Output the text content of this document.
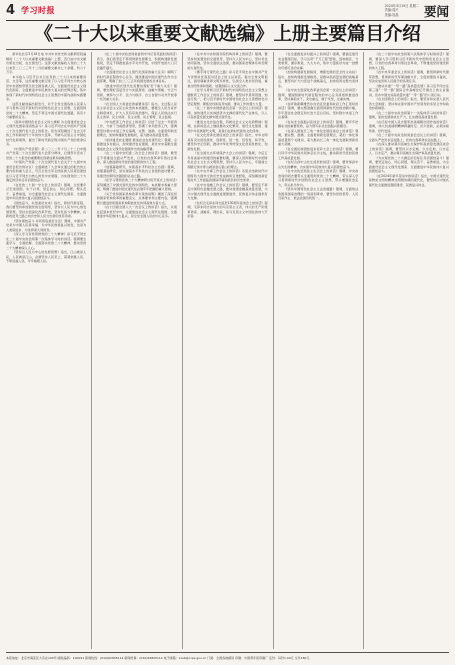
4 学习时报	2024年3月19日 星期二
责编:周兴
美编:庞晶	要闻
《二十大以来重要文献选编》上册主要篇目介绍

新华社北京3月18日电 中共中央党史和文献研究院编辑的《二十大以来重要文献选编》上册，近日由中央文献出版社出版，在全国发行。这部文献选编收入党的二十大以来至二〇二三年十二月的重要文献共七十余篇，约六十万字。

本书收入习近平总书记在党的二十大以来的重要讲话、文章等，这些重要文献记录了以习近平同志为核心的党中央团结带领全党全国各族人民，全面建设社会主义现代化国家、全面推进中华民族伟大复兴的光辉历程，集中体现了新时代中国特色社会主义思想的丰富内涵和实践要求。

这部文献选编出版发行，对于全党全国各族人民深入学习贯彻习近平新时代中国特色社会主义思想，全面贯彻党的二十大精神，坚定不移走中国式现代化道路，具有十分重要的意义。

《高举中国特色社会主义伟大旗帜 为全面建设社会主义现代化国家而团结奋斗》是习近平同志在中国共产党第二十次全国代表大会上的报告。报告深刻阐述了过去五年的工作和新时代十年的伟大变革，开辟马克思主义中国化时代化新境界，提出了新时代新征程中国共产党的使命任务。

《中国共产党章程》是二〇二二年十月二十二日中国共产党第二十次全国代表大会部分修改，总纲部分充实了党的二十大报告的重要理论创新成果和战略思想。

《中国共产党第二十次全国代表大会关于十九届中央委员会报告的决议》全面阐述了大会审议通过的报告的主要内容和重大意义，号召全党全军全国各族人民紧密团结在以习近平同志为核心的党中央周围，为实现党的二十大确定的目标任务而团结奋斗。

《在党的二十届一中全会上的讲话》强调，全党要牢记空谈误国、实干兴邦，坚定信心、同心同德，埋头苦干、奋勇前进，为全面建设社会主义现代化国家、全面推进中华民族伟大复兴而团结奋斗。

《团结奋斗，共创美好未来》指出，新时代新征程，我们要坚持和加强党的全面领导，坚持以人民为中心的发展思想，坚持全面深化改革开放，坚持发扬斗争精神，在新的赶考之路上向历史和人民交出新的优异答卷。

《坚持团结奋斗 共同创造美好生活》强调，中国共产党是为中国人民谋幸福、为中华民族谋复兴的党，也是为人类谋进步、为世界谋大同的党。

《深入学习宣传贯彻党的二十大精神》是习近平同志在二十届中央政治局第一次集体学习时的讲话。强调要全面学习、全面把握、全面落实党的二十大精神，推动党的二十大精神深入人心。

《坚持以人民为中心的发展思想》指出，江山就是人民，人民就是江山，必须坚持人民至上，紧紧依靠人民，不断造福人民，牢牢植根人民。

《在二十届中央政治局常委同中外记者见面时的讲话》表示，我们将坚定不移贯彻新发展理念，积极构建新发展格局，坚定不移推进高水平对外开放，中国开放的大门只会越开越大。

《全面建设社会主义现代化国家的重大任务》阐明了新时代新征程的中心任务，围绕推进中国式现代化作出全面部署，明确了到二〇三五年我国发展的总体目标。

《推进中国式现代化需要处理好若干重大关系》强调，要处理好顶层设计与实践探索、战略与策略、守正与创新、效率与公平、活力与秩序、自立自强与对外开放等一系列重大关系。

《在全国人大常委会的重要讲话》指出，全过程人民民主是社会主义民主政治的本质属性，要健全人民当家作主制度体系，扩大人民有序政治参与，保证人民依法实行民主选举、民主协商、民主决策、民主管理、民主监督。

《中央经济工作会议上的讲话》总结了过去一年经济工作，分析了当前经济形势，部署了来年经济工作，强调要坚持稳中求进工作总基调，完整、准确、全面贯彻新发展理念，加快构建新发展格局，着力推动高质量发展。

《加快建设农业强国 推进农业农村现代化》强调，全面推进乡村振兴，加快建设农业强国，是党中央着眼全面建成社会主义现代化强国作出的战略部署。

《在二十届中央纪委二次全会上的讲话》强调，要坚定不移推进全面从严治党，以党的自我革命引领社会革命，深入推进新时代党的建设新的伟大工程。

《加强基础研究，实现高水平科技自立自强》强调，加强基础研究，是实现高水平科技自立自强的迫切要求，是建设世界科技强国的必由之路。

《在学习贯彻党的二十大精神研讨班开班式上的讲话》深刻阐述了中国式现代化的中国特色、本质要求和重大原则，明确了推进中国式现代化必须牢牢把握的重大原则。

《关于党和国家机构改革方案的说明》阐述了深化党和国家机构改革的重要意义、总体要求和主要内容，强调要以推进党和国家机构职能优化协同高效为着力点。

《在十四届全国人大一次会议上的讲话》指出，从现在起到本世纪中叶，全面建成社会主义现代化强国、全面推进中华民族伟大复兴，是全党全国人民的中心任务。

《在中共中央和国务院机构改革上的讲话》强调，要坚持和加强党的全面领导，坚持以人民为中心，坚持优化协同高效，坚持全面依法治国，推动国家治理体系和治理能力现代化。

《携手同行现代化之路》是习近平同志在中国共产党与世界政党高层对话会上的主旨讲话。提出全球文明倡议，倡导尊重世界文明多样性，弘扬全人类共同价值，重视文明传承和创新，加强国际人文交流合作。

《在学习贯彻习近平新时代中国特色社会主义思想主题教育工作会议上的讲话》强调，要坚持学思用贯通、知信行统一，把习近平新时代中国特色社会主义思想转化为坚定理想、锤炼党性和指导实践、推动工作的强大力量。

《在二十届中央财经委员会第一次会议上的讲话》强调，加快建设以实体经济为支撑的现代化产业体系，以人口高质量发展支撑中国式现代化。

《推进文化自信自强，铸就社会主义文化新辉煌》强调，在新的起点上继续推动文化繁荣、建设文化强国、建设中华民族现代文明，是我们在新时代新的文化使命。

《在文化传承发展座谈会上的讲话》指出，中华文明具有突出的连续性、创新性、统一性、包容性、和平性，要坚持守正创新，推动中华优秀传统文化创造性转化、创新性发展。

《在全国生态环境保护大会上的讲话》强调，今后五年是美丽中国建设的重要时期，要深入贯彻新时代中国特色社会主义生态文明思想，坚持以人民为中心，牢固树立和践行绿水青山就是金山银山的理念。

《在中央外事工作会议上的讲话》系统总结新时代中国特色大国外交的历史性成就和宝贵经验，深刻阐述新征程对外工作面临的国际环境和肩负的历史使命。

《在中央金融工作会议上的讲话》强调，要坚定不移走中国特色金融发展之路，推动我国金融高质量发展，为以中国式现代化全面推进强国建设、民族复兴伟业提供有力支撑。

《在纪念毛泽东同志诞辰130周年座谈会上的讲话》强调，毛泽东同志是伟大的马克思主义者，伟大的无产阶级革命家、战略家、理论家，是马克思主义中国化的伟大开拓者。

《在全面推进乡村振兴上的讲话》强调，要锚定建设农业强国目标，学习运用“千万工程”经验，因地制宜、分类施策，循序渐进、久久为功，集中力量抓好办成一批群众可感可及的实事。

《加快构建新发展格局，增强发展的安全性主动权》指出，加快构建新发展格局，是推动高质量发展的战略基点，要坚持扩大内需这个战略基点，加快培育完整内需体系。

《在中央全面深化改革委员会第一次会议上的讲话》强调，要围绕新时代新征程党的中心任务谋划和推进改革，坚持真抓实干，突出重点，敢于攻坚，注重实效。

《在听取新疆维吾尔自治区党委和政府工作汇报时的讲话》强调，要完整准确全面贯彻新时代党的治疆方略，牢牢扭住社会稳定和长治久安总目标，坚持稳中求进工作总基调。

《在东北全面振兴座谈会上的讲话》强调，要牢牢把握东北的重要使命，奋力谱写东北全面振兴新篇章。

《在深入推进长三角一体化发展座谈会上的讲话》强调，要完整、准确、全面贯彻新发展理念，紧扣一体化和高质量两个关键词，着力推动长三角一体化发展取得新的重大突破。

《在全国民族团结进步表彰大会上的讲话》强调，要以铸牢中华民族共同体意识为主线，推动新时代党的民族工作高质量发展。

《在纪念孙中山先生诞辰的讲话》强调，要传承孙中山先生的精神，为实现中华民族伟大复兴而团结奋斗。

《在中央政治局民主生活会上的讲话》强调，中央政治局的同志要带头全面贯彻党的二十大精神，带头深入学习贯彻新时代中国特色社会主义思想，带头增强政治定力，带头担当作为。

《坚持中国特色社会主义法治道路》强调，全面依法治国是国家治理的一场深刻革命，要坚持党的领导、人民当家作主、依法治国有机统一。

《在二十届中央政治局第六次集体学习时的讲话》强调，要深入学习贯彻习近平新时代中国特色社会主义思想，以党的自我革命引领社会革命，不断推进党的建设新的伟大工程。

《在中央军委会议上的讲话》强调，要贯彻新时代强军思想，贯彻新时代军事战略方针，全面加强练兵备战，坚决完成党和人民赋予的各项任务。

《推动共建“一带一路”高质量发展》是习近平同志在第三届“一带一路”国际合作高峰论坛开幕式上的主旨演讲，宣布中国支持高质量共建“一带一路”的八项行动。

《在全国两会上的讲话》指出，要坚持和完善人民代表大会制度，坚持和完善中国共产党领导的多党合作和政治协商制度。

《在二十届中央政治局第十一次集体学习时的讲话》强调，加快发展新质生产力，扎实推进高质量发展。

《在庆祝中国人民志愿军抗美援朝出国作战的讲话》强调，伟大抗美援朝精神跨越时空、历久弥新，必须永续传承、世代发扬。

《在二十届中央政治局常委会会议上的讲话》强调，全面从严治党永远在路上，党的自我革命永远在路上。

《在深入推动黄河流域生态保护和高质量发展座谈会上的讲话》强调，要坚持以水定城、以水定地、以水定人、以水定产，推动黄河流域生态保护和高质量发展。

《为实现党的二十大确定的目标任务而团结奋斗》强调，要坚定信心、同心同德，埋头苦干、奋勇前进，为全面建设社会主义现代化国家、全面推进中华民族伟大复兴而团结奋斗。

《在2024年新年贺词中的讲话》指出，中国式现代化是物质文明和精神文明相协调的现代化，要坚持以中国式现代化全面推进强国建设、民族复兴伟业。

本报地址：北京市海淀区大有庄100号 邮政编码：100091 新闻热线：(010)62805114 新闻传真：(010)62805114 电子邮箱：xxsb@ccps.gov.cn 订阅：全国各地邮局 印刷：中国青年报印刷厂 定价：每份1.00元 全年180元
